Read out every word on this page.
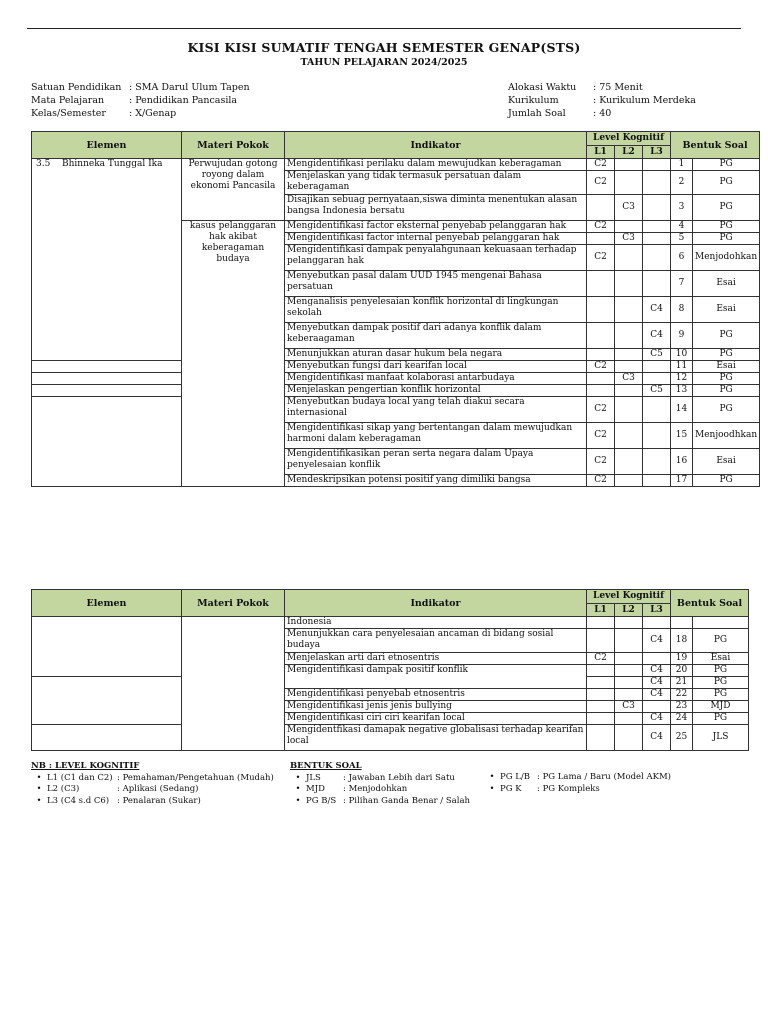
KISI KISI SUMATIF TENGAH SEMESTER GENAP(STS)
TAHUN PELAJARAN 2024/2025
Satuan Pendidikan : SMA Darul Ulum Tapen
Mata Pelajaran	: Pendidikan Pancasila
Kelas/Semester	: X/Genap
Alokasi Waktu	: 75 Menit
Kurikulum	: Kurikulum Merdeka
Jumlah Soal	: 40
Elemen	Materi Pokok	Indikator	Level Kognitif			Bentuk Soal	
			L1	L2	L3		
3.5 Bhinneka Tunggal Ika	Perwujudan gotong royong dalam ekonomi Pancasila	Mengidentifikasi perilaku dalam mewujudkan keberagaman	C2			1	PG
		Menjelaskan yang tidak termasuk persatuan dalam keberagaman	C2			2	PG
		Disajikan sebuag pernyataan,siswa diminta menentukan alasan bangsa Indonesia bersatu		C3		3	PG
	kasus pelanggaran hak akibat keberagaman budaya	Mengidentifikasi factor eksternal penyebab pelanggaran hak	C2			4	PG
		Mengidentifikasi factor internal penyebab pelanggaran hak		C3		5	PG
		Mengidentifikasi dampak penyalahgunaan kekuasaan terhadap pelanggaran hak	C2			6	Menjodohkan
		Menyebutkan pasal dalam UUD 1945 mengenai Bahasa persatuan				7	Esai
		Menganalisis penyelesaian konflik horizontal di lingkungan sekolah			C4	8	Esai
		Menyebutkan dampak positif dari adanya konflik dalam keberaagaman			C4	9	PG
		Menunjukkan aturan dasar hukum bela negara			C5	10	PG
		Menyebutkan fungsi dari kearifan local	C2			11	Esai
		Mengidentifikasi manfaat kolaborasi antarbudaya		C3		12	PG
		Menjelaskan pengertian konflik horizontal			C5	13	PG
		Menyebutkan budaya local yang telah diakui secara internasional	C2			14	PG
		Mengidentifikasi sikap yang bertentangan dalam mewujudkan harmoni dalam keberagaman	C2			15	Menjoodhkan
		Mengidentifikasikan peran serta negara dalam Upaya penyelesaian konflik	C2			16	Esai
		Mendeskripsikan potensi positif yang dimiliki bangsa	C2			17	PG
Elemen	Materi Pokok	Indikator	Level Kognitif			Bentuk Soal	
			L1	L2	L3		
		Indonesia					
		Menunjukkan cara penyelesaian ancaman di bidang sosial budaya			C4	18	PG
		Menjelaskan arti dari etnosentris	C2			19	Esai
		Mengidentifikasi dampak positif konflik			C4	20	PG
					C4	21	PG
		Mengidentifikasi penyebab etnosentris			C4	22	PG
		Mengidentifikasi jenis jenis bullying		C3		23	MJD
		Mengidentifikasi ciri ciri kearifan local			C4	24	PG
		Mengidentfikasi damapak negative globalisasi terhadap kearifan local			C4	25	JLS
NB : LEVEL KOGNITIF
• L1 (C1 dan C2) : Pemahaman/Pengetahuan (Mudah)
• L2 (C3)	: Aplikasi (Sedang)
• L3 (C4 s.d C6) : Penalaran (Sukar)
BENTUK SOAL
• JLS	: Jawaban Lebih dari Satu
• MJD	: Menjodohkan
• PG B/S : Pilihan Ganda Benar / Salah
• PG L/B : PG Lama / Baru (Model AKM)
• PG K	: PG Kompleks
